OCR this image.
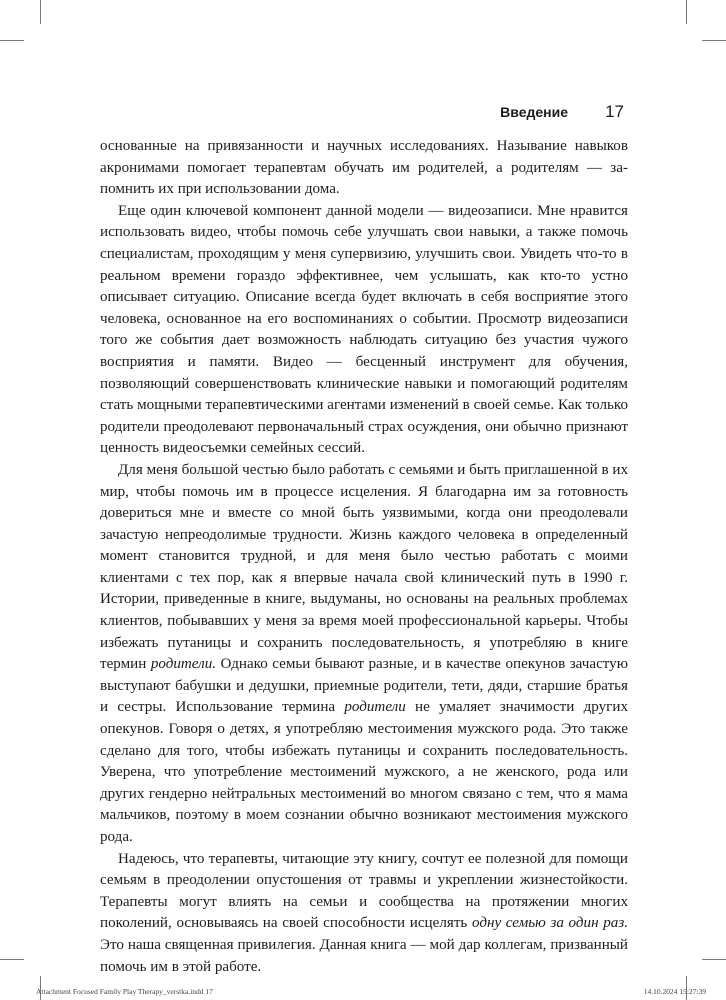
Введение 17

основанные на привязанности и научных исследованиях. Называние навыков акронимами помогает терапевтам обучать им родителей, а родителям — запомнить их при использовании дома.

Еще один ключевой компонент данной модели — видеозаписи. Мне нравится использовать видео, чтобы помочь себе улучшать свои навыки, а также помочь специалистам, проходящим у меня супервизию, улучшить свои. Увидеть что-то в реальном времени гораздо эффективнее, чем услышать, как кто-то устно описывает ситуацию. Описание всегда будет включать в себя восприятие этого человека, основанное на его воспоминаниях о событии. Просмотр видеозаписи того же события дает возможность наблюдать ситуацию без участия чужого восприятия и памяти. Видео — бесценный инструмент для обучения, позволяющий совершенствовать клинические навыки и помогающий родителям стать мощными терапевтическими агентами изменений в своей семье. Как только родители преодолевают первоначальный страх осуждения, они обычно признают ценность видеосъемки семейных сессий.

Для меня большой честью было работать с семьями и быть приглашенной в их мир, чтобы помочь им в процессе исцеления. Я благодарна им за готовность довериться мне и вместе со мной быть уязвимыми, когда они преодолевали зачастую непреодолимые трудности. Жизнь каждого человека в определенный момент становится трудной, и для меня было честью работать с моими клиентами с тех пор, как я впервые начала свой клинический путь в 1990 г. Истории, приведенные в книге, выдуманы, но основаны на реальных проблемах клиентов, побывавших у меня за время моей профессиональной карьеры. Чтобы избежать путаницы и сохранить последовательность, я употребляю в книге термин родители. Однако семьи бывают разные, и в качестве опекунов зачастую выступают бабушки и дедушки, приемные родители, тети, дяди, старшие братья и сестры. Использование термина родители не умаляет значимости других опекунов. Говоря о детях, я употребляю местоимения мужского рода. Это также сделано для того, чтобы избежать путаницы и сохранить последовательность. Уверена, что употребление местоимений мужского, а не женского, рода или других гендерно нейтральных местоимений во многом связано с тем, что я мама мальчиков, поэтому в моем сознании обычно возникают местоимения мужского рода.

Надеюсь, что терапевты, читающие эту книгу, сочтут ее полезной для помощи семьям в преодолении опустошения от травмы и укреплении жизнестойкости. Терапевты могут влиять на семьи и сообщества на протяжении многих поколений, основываясь на своей способности исцелять одну семью за один раз. Это наша священная привилегия. Данная книга — мой дар коллегам, призванный помочь им в этой работе.

Attachment Focused Family Play Therapy_verstka.indd 17	14.10.2024 15:27:39
